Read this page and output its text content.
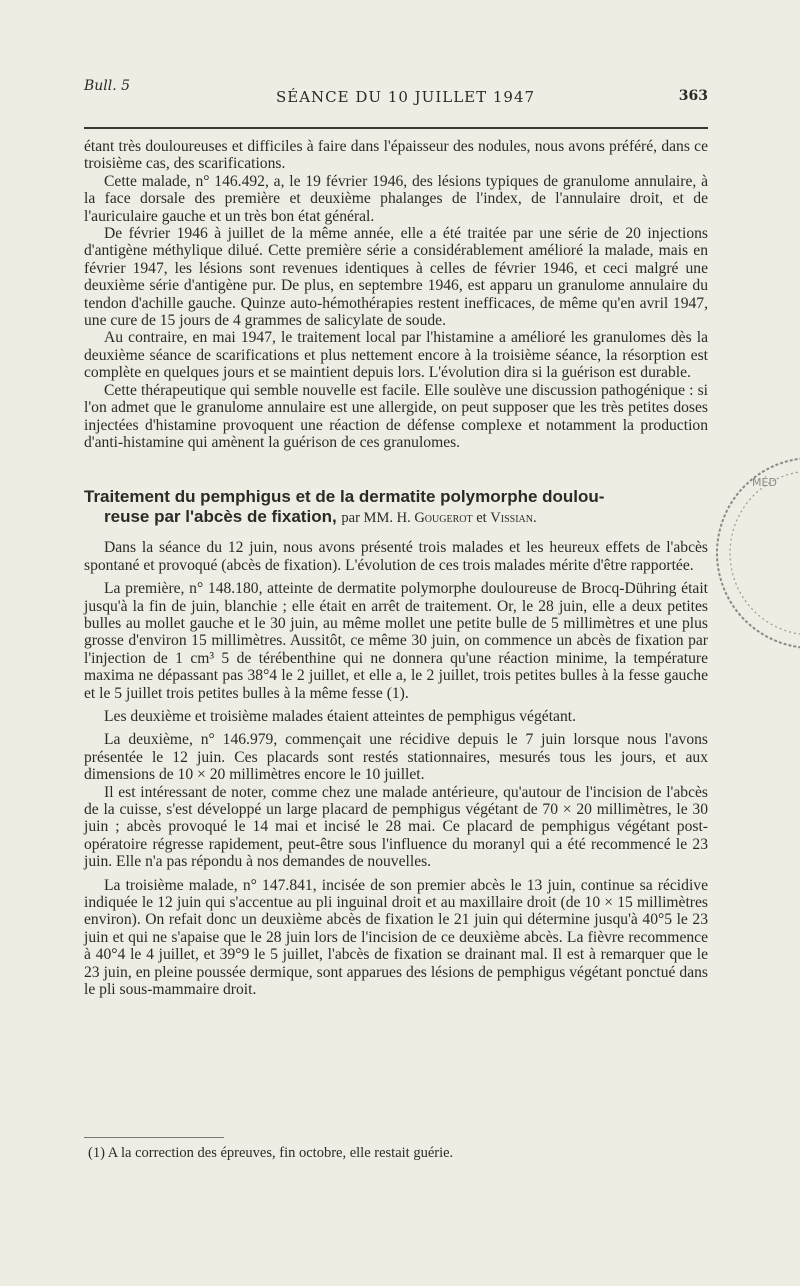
Bull. 5
SÉANCE DU 10 JUILLET 1947	363

étant très douloureuses et difficiles à faire dans l'épaisseur des nodules, nous avons préféré, dans ce troisième cas, des scarifications.

Cette malade, n° 146.492, a, le 19 février 1946, des lésions typiques de granulome annulaire, à la face dorsale des première et deuxième phalanges de l'index, de l'annulaire droit, et de l'auriculaire gauche et un très bon état général.

De février 1946 à juillet de la même année, elle a été traitée par une série de 20 injections d'antigène méthylique dilué. Cette première série a considérablement amélioré la malade, mais en février 1947, les lésions sont revenues identiques à celles de février 1946, et ceci malgré une deuxième série d'antigène pur. De plus, en septembre 1946, est apparu un granulome annulaire du tendon d'achille gauche. Quinze auto-hémothérapies restent inefficaces, de même qu'en avril 1947, une cure de 15 jours de 4 grammes de salicylate de soude.

Au contraire, en mai 1947, le traitement local par l'histamine a amélioré les granulomes dès la deuxième séance de scarifications et plus nettement encore à la troisième séance, la résorption est complète en quelques jours et se maintient depuis lors. L'évolution dira si la guérison est durable.

Cette thérapeutique qui semble nouvelle est facile. Elle soulève une discussion pathogénique : si l'on admet que le granulome annulaire est une allergide, on peut supposer que les très petites doses injectées d'histamine provoquent une réaction de défense complexe et notamment la production d'anti-histamine qui amènent la guérison de ces granulomes.

Traitement du pemphigus et de la dermatite polymorphe doulou-
reuse par l'abcès de fixation, par MM. H. Gougerot et Vissian.

Dans la séance du 12 juin, nous avons présenté trois malades et les heureux effets de l'abcès spontané et provoqué (abcès de fixation). L'évolution de ces trois malades mérite d'être rapportée.

La première, n° 148.180, atteinte de dermatite polymorphe douloureuse de Brocq-Dühring était jusqu'à la fin de juin, blanchie ; elle était en arrêt de traitement. Or, le 28 juin, elle a deux petites bulles au mollet gauche et le 30 juin, au même mollet une petite bulle de 5 millimètres et une plus grosse d'environ 15 millimètres. Aussitôt, ce même 30 juin, on commence un abcès de fixation par l'injection de 1 cm³ 5 de térébenthine qui ne donnera qu'une réaction minime, la température maxima ne dépassant pas 38°4 le 2 juillet, et elle a, le 2 juillet, trois petites bulles à la fesse gauche et le 5 juillet trois petites bulles à la même fesse (1).

Les deuxième et troisième malades étaient atteintes de pemphigus végétant.

La deuxième, n° 146.979, commençait une récidive depuis le 7 juin lorsque nous l'avons présentée le 12 juin. Ces placards sont restés stationnaires, mesurés tous les jours, et aux dimensions de 10 × 20 millimètres encore le 10 juillet.

Il est intéressant de noter, comme chez une malade antérieure, qu'autour de l'incision de l'abcès de la cuisse, s'est développé un large placard de pemphigus végétant de 70 × 20 millimètres, le 30 juin ; abcès provoqué le 14 mai et incisé le 28 mai. Ce placard de pemphigus végétant post-opératoire régresse rapidement, peut-être sous l'influence du moranyl qui a été recommencé le 23 juin. Elle n'a pas répondu à nos demandes de nouvelles.

La troisième malade, n° 147.841, incisée de son premier abcès le 13 juin, continue sa récidive indiquée le 12 juin qui s'accentue au pli inguinal droit et au maxillaire droit (de 10 × 15 millimètres environ). On refait donc un deuxième abcès de fixation le 21 juin qui détermine jusqu'à 40°5 le 23 juin et qui ne s'apaise que le 28 juin lors de l'incision de ce deuxième abcès. La fièvre recommence à 40°4 le 4 juillet, et 39°9 le 5 juillet, l'abcès de fixation se drainant mal. Il est à remarquer que le 23 juin, en pleine poussée dermique, sont apparues des lésions de pemphigus végétant ponctué dans le pli sous-mammaire droit.

(1) A la correction des épreuves, fin octobre, elle restait guérie.
MÉD
